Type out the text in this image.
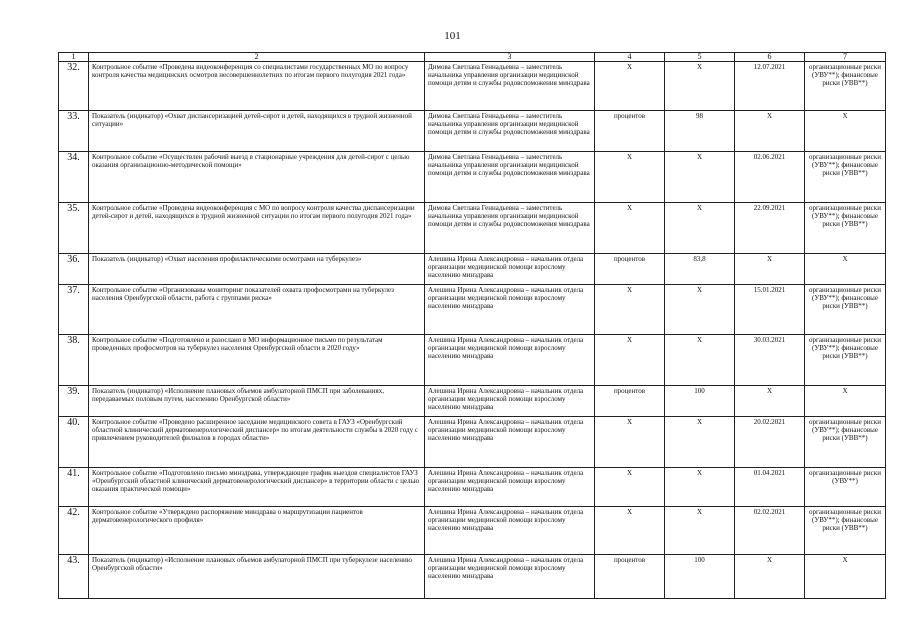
101
1	2	3	4	5	6	7
32.	Контрольное событие «Проведена видеоконференция со специалистами государственных МО по вопросу контроля качества медицинских осмотров несовершеннолетних по итогам первого полугодия 2021 года»	Димова Светлана Геннадьевна – заместитель начальника управления организации медицинской помощи детям и службы родовспоможения минздрава	X	X	12.07.2021	организационные риски (УВУ**); финансовые риски (УВВ**)
33.	Показатель (индикатор) «Охват диспансеризацией детей-сирот и детей, находящихся в трудной жизненной ситуации»	Димова Светлана Геннадьевна – заместитель начальника управления организации медицинской помощи детям и службы родовспоможения минздрава	процентов	98	X	X
34.	Контрольное событие «Осуществлен рабочий выезд в стационарные учреждения для детей-сирот с целью оказания организационно-методической помощи»	Димова Светлана Геннадьевна – заместитель начальника управления организации медицинской помощи детям и службы родовспоможения минздрава	X	X	02.06.2021	организационные риски (УВУ**); финансовые риски (УВВ**)
35.	Контрольное событие «Проведена видеоконференция с МО по вопросу контроля качества диспансеризации детей-сирот и детей, находящихся в трудной жизненной ситуации по итогам первого полугодия 2021 года»	Димова Светлана Геннадьевна – заместитель начальника управления организации медицинской помощи детям и службы родовспоможения минздрава	X	X	22.09.2021	организационные риски (УВУ**); финансовые риски (УВВ**)
36.	Показатель (индикатор) «Охват населения профилактическими осмотрами на туберкулез»	Алешина Ирина Александровна – начальник отдела организации медицинской помощи взрослому населению минздрава	процентов	83,8	X	X
37.	Контрольное событие «Организованы мониторинг показателей охвата профосмотрами на туберкулез населения Оренбургской области, работа с группами риска»	Алешина Ирина Александровна – начальник отдела организации медицинской помощи взрослому населению минздрава	X	X	15.01.2021	организационные риски (УВУ**); финансовые риски (УВВ**)
38.	Контрольное событие «Подготовлено и разослано в МО информационное письмо по результатам проведенных профосмотров на туберкулез населения Оренбургской области в 2020 году»	Алешина Ирина Александровна – начальник отдела организации медицинской помощи взрослому населению минздрава	X	X	30.03.2021	организационные риски (УВУ**); финансовые риски (УВВ**)
39.	Показатель (индикатор) «Исполнение плановых объемов амбулаторной ПМСП при заболеваниях, передаваемых половым путем, населению Оренбургской области»	Алешина Ирина Александровна – начальник отдела организации медицинской помощи взрослому населению минздрава	процентов	100	X	X
40.	Контрольное событие «Проведено расширенное заседание медицинского совета в ГАУЗ «Оренбургский областной клинический дерматовенерологический диспансер» по итогам деятельности службы в 2020 году с привлечением руководителей филиалов в городах области»	Алешина Ирина Александровна – начальник отдела организации медицинской помощи взрослому населению минздрава	X	X	20.02.2021	организационные риски (УВУ**); финансовые риски (УВВ**)
41.	Контрольное событие «Подготовлено письмо минздрава, утверждающее график выездов специалистов ГАУЗ «Оренбургский областной клинический дерматовенерологический диспансер» в территории области с целью оказания практической помощи»	Алешина Ирина Александровна – начальник отдела организации медицинской помощи взрослому населению минздрава	X	X	01.04.2021	организационные риски (УВУ**)
42.	Контрольное событие «Утверждено распоряжение минздрава о маршрутизации пациентов дерматовенерологического профиля»	Алешина Ирина Александровна – начальник отдела организации медицинской помощи взрослому населению минздрава	X	X	02.02.2021	организационные риски (УВУ**); финансовые риски (УВВ**)
43.	Показатель (индикатор) «Исполнение плановых объемов амбулаторной ПМСП при туберкулезе населению Оренбургской области»	Алешина Ирина Александровна – начальник отдела организации медицинской помощи взрослому населению минздрава	процентов	100	X	X
